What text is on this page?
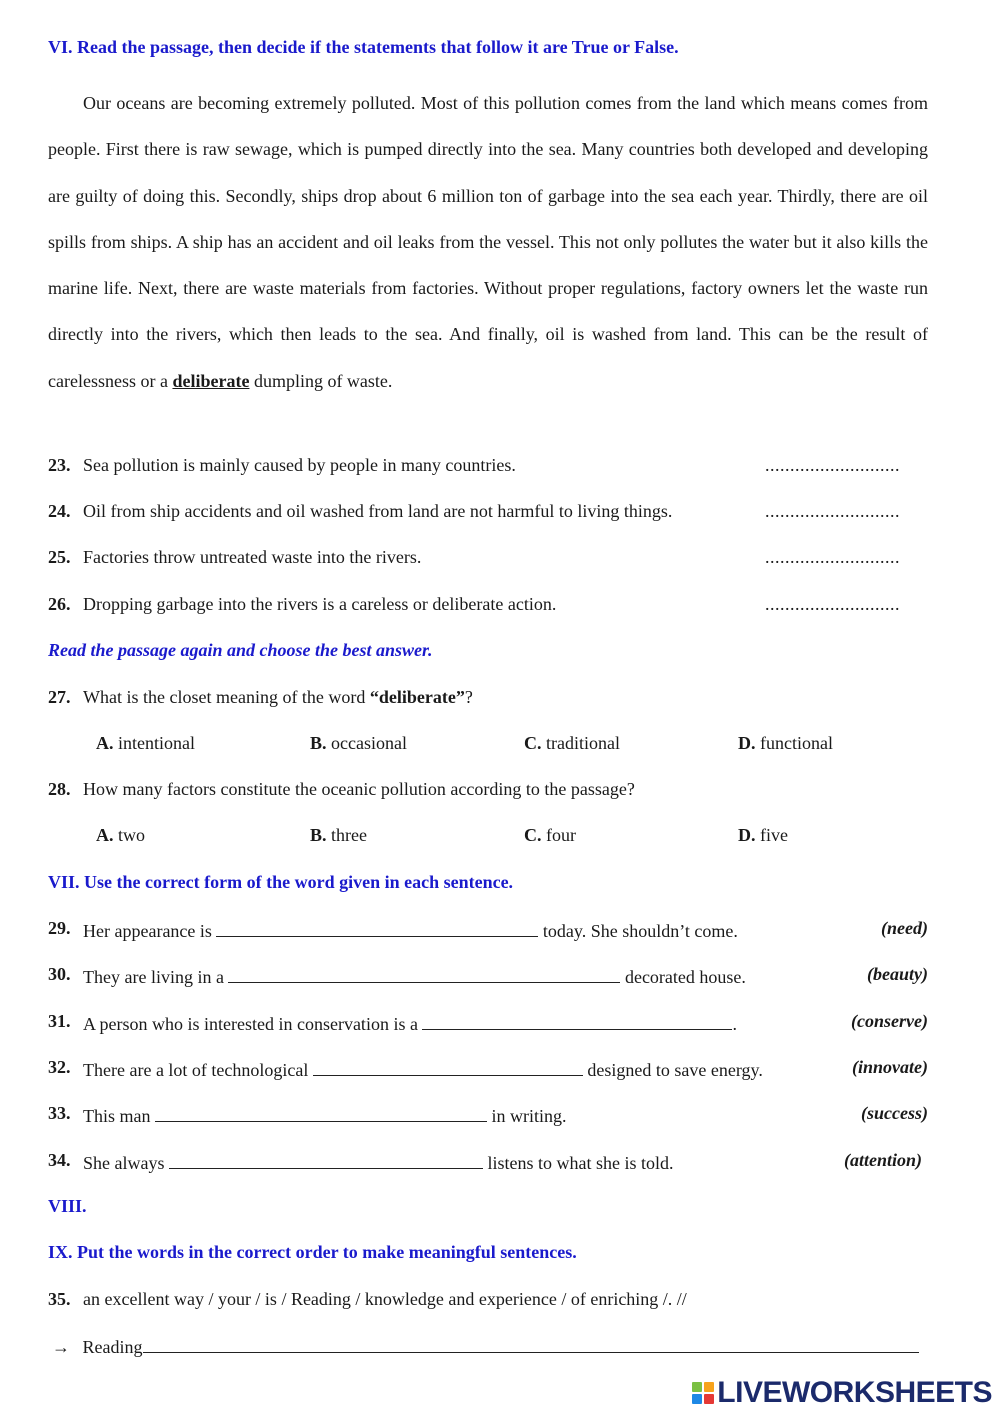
VI. Read the passage, then decide if the statements that follow it are True or False.
Our oceans are becoming extremely polluted. Most of this pollution comes from the land which means comes from people. First there is raw sewage, which is pumped directly into the sea. Many countries both developed and developing are guilty of doing this. Secondly, ships drop about 6 million ton of garbage into the sea each year. Thirdly, there are oil spills from ships. A ship has an accident and oil leaks from the vessel. This not only pollutes the water but it also kills the marine life. Next, there are waste materials from factories. Without proper regulations, factory owners let the waste run directly into the rivers, which then leads to the sea. And finally, oil is washed from land. This can be the result of carelessness or a deliberate dumpling of waste.
23. Sea pollution is mainly caused by people in many countries.	...........................
24. Oil from ship accidents and oil washed from land are not harmful to living things.	...........................
25. Factories throw untreated waste into the rivers.	...........................
26. Dropping garbage into the rivers is a careless or deliberate action.	...........................
Read the passage again and choose the best answer.
27. What is the closet meaning of the word “deliberate”?
A. intentional	B. occasional	C. traditional	D. functional
28. How many factors constitute the oceanic pollution according to the passage?
A. two	B. three	C. four	D. five
VII. Use the correct form of the word given in each sentence.
29. Her appearance is	today. She shouldn’t come.	(need)
30. They are living in a	decorated house.	(beauty)
31. A person who is interested in conservation is a	.	(conserve)
32. There are a lot of technological	designed to save energy.	(innovate)
33. This man	in writing.	(success)
34. She always	listens to what she is told.	(attention)
VIII.
IX. Put the words in the correct order to make meaningful sentences.
35. an excellent way / your / is / Reading / knowledge and experience / of enriching /. //
→ Reading
LIVEWORKSHEETS
